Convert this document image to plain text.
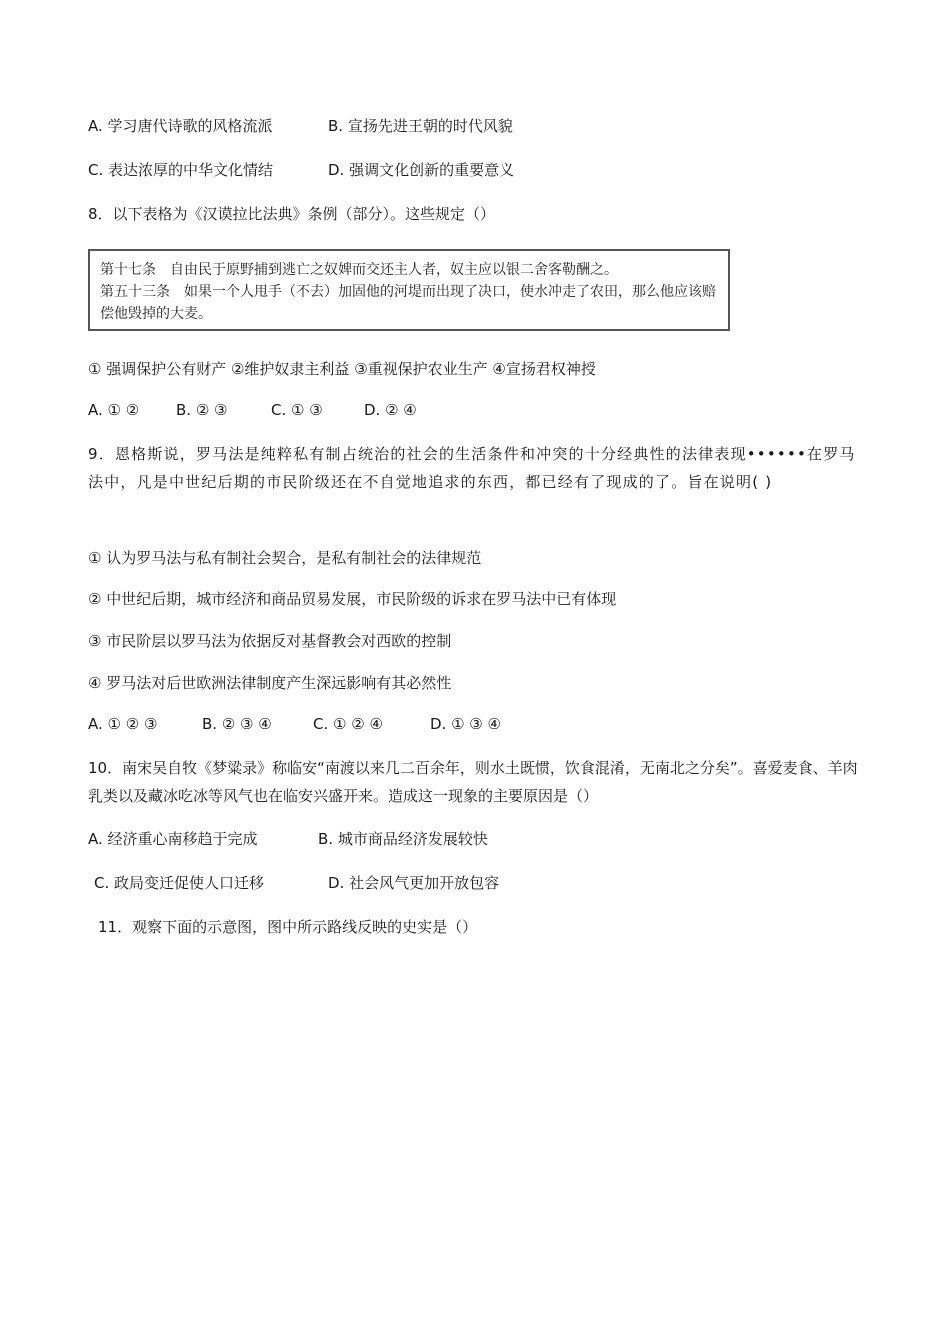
A. 学习唐代诗歌的风格流派	B. 宣扬先进王朝的时代风貌
C. 表达浓厚的中华文化情结	D. 强调文化创新的重要意义
8．以下表格为《汉谟拉比法典》条例（部分）。这些规定（）
第十七条　自由民于原野捕到逃亡之奴婢而交还主人者，奴主应以银二舍客勒酬之。
第五十三条　如果一个人甩手（不去）加固他的河堤而出现了决口，使水冲走了农田，那么他应该赔偿他毁掉的大麦。
① 强调保护公有财产 ②维护奴隶主利益 ③重视保护农业生产 ④宣扬君权神授
A. ① ② B. ② ③	C. ① ③	D. ② ④
9．恩格斯说，罗马法是纯粹私有制占统治的社会的生活条件和冲突的十分经典性的法律表现••••••在罗马法中，凡是中世纪后期的市民阶级还在不自觉地追求的东西，都已经有了现成的了。旨在说明( )
① 认为罗马法与私有制社会契合，是私有制社会的法律规范
② 中世纪后期，城市经济和商品贸易发展，市民阶级的诉求在罗马法中已有体现
③ 市民阶层以罗马法为依据反对基督教会对西欧的控制
④ 罗马法对后世欧洲法律制度产生深远影响有其必然性
A. ① ② ③	B. ② ③ ④	C. ① ② ④	D. ① ③ ④
10．南宋吴自牧《梦粱录》称临安“南渡以来几二百余年，则水土既惯，饮食混淆，无南北之分矣”。喜爱麦食、羊肉乳类以及藏冰吃冰等风气也在临安兴盛开来。造成这一现象的主要原因是（）
A. 经济重心南移趋于完成	B. 城市商品经济发展较快
C. 政局变迁促使人口迁移	D. 社会风气更加开放包容
11．观察下面的示意图，图中所示路线反映的史实是（）
